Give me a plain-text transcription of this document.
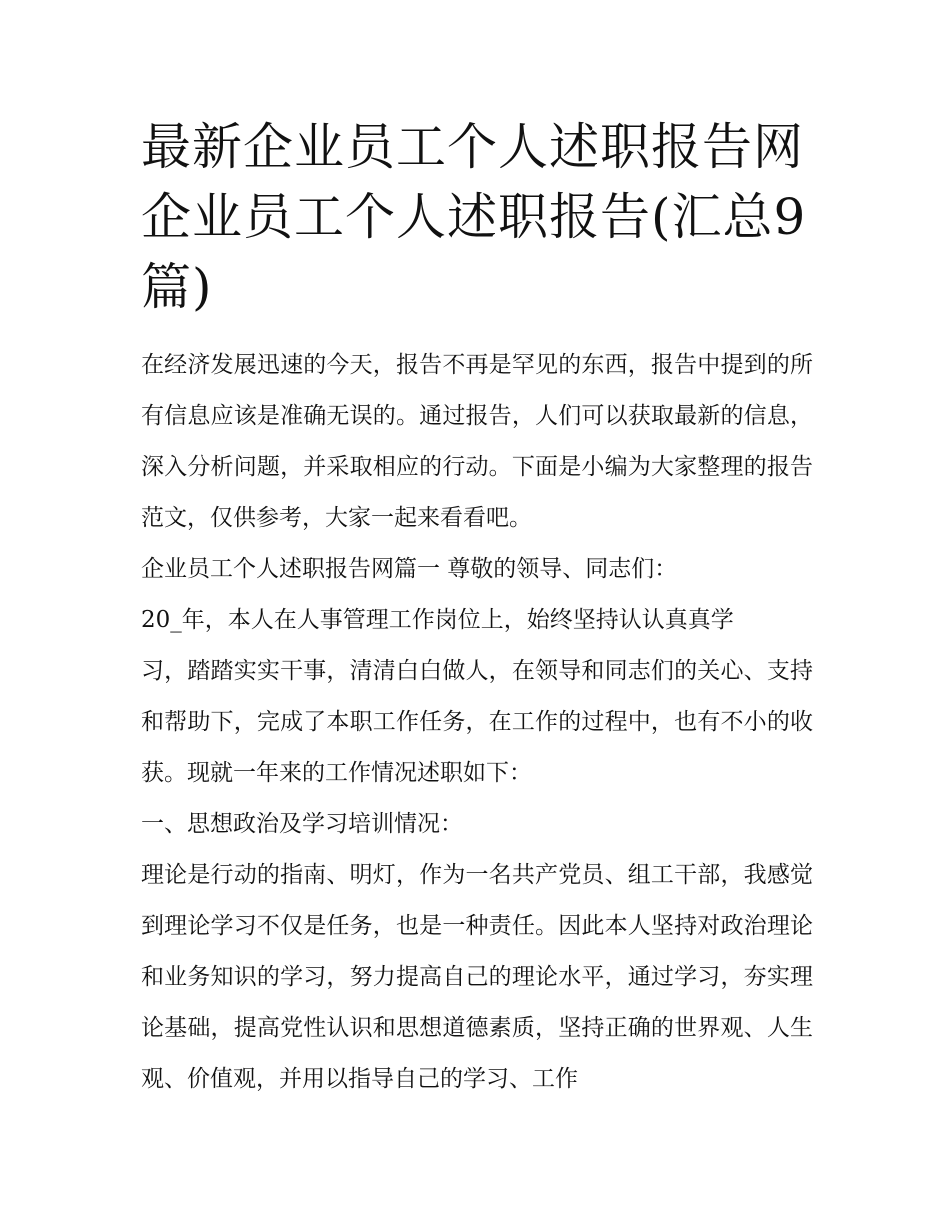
最新企业员工个人述职报告网企业员工个人述职报告(汇总9篇)

在经济发展迅速的今天，报告不再是罕见的东西，报告中提到的所有信息应该是准确无误的。通过报告，人们可以获取最新的信息，深入分析问题，并采取相应的行动。下面是小编为大家整理的报告范文，仅供参考，大家一起来看看吧。

企业员工个人述职报告网篇一 尊敬的领导、同志们：

20_年，本人在人事管理工作岗位上，始终坚持认认真真学

习，踏踏实实干事，清清白白做人，在领导和同志们的关心、支持和帮助下，完成了本职工作任务，在工作的过程中，也有不小的收获。现就一年来的工作情况述职如下：

一、思想政治及学习培训情况：

理论是行动的指南、明灯，作为一名共产党员、组工干部，我感觉到理论学习不仅是任务，也是一种责任。因此本人坚持对政治理论和业务知识的学习，努力提高自己的理论水平，通过学习，夯实理论基础，提高党性认识和思想道德素质，坚持正确的世界观、人生观、价值观，并用以指导自己的学习、工作
